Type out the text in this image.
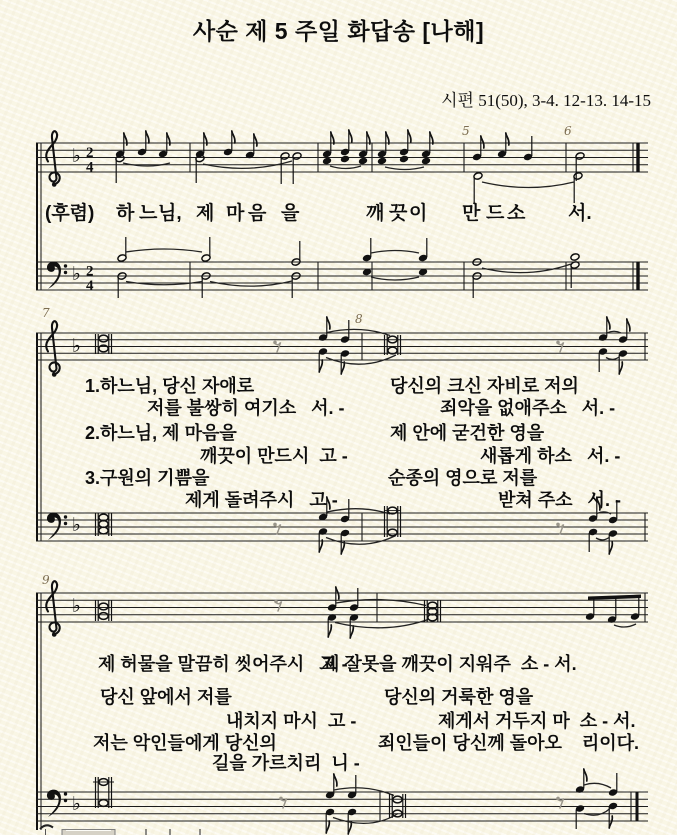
♭ 2
4
♭ 2
4
♭
♭
♭
♭
사순 제 5 주일 화답송 [나해]
시편 51(50), 3-4. 12-13. 14-15
5	6
7	8
9
(후렴) 하 느 님, 제 마 음 을	깨 끗 이 만 드 소 서.
1.하느님, 당신 자애로	당신의 크신 자비로 저의
저를 불쌍히 여기소   서. -	죄악을 없애주소   서. -
2.하느님, 제 마음을	제 안에 굳건한 영을
깨끗이 만드시  고 -	새롭게 하소   서. -
3.구원의 기쁨을	순종의 영으로 저를
제게 돌려주시   고 -	받쳐 주소   서. -
제 허물을 말끔히 씻어주시   고 -
제 잘못을 깨끗이 지워주  소 - 서.
당신 앞에서 저를	당신의 거룩한 영을
내치지 마시  고 -	제게서 거두지 마  소 - 서.
저는 악인들에게 당신의	죄인들이 당신께 돌아오    리이다.
길을 가르치리  니 -
